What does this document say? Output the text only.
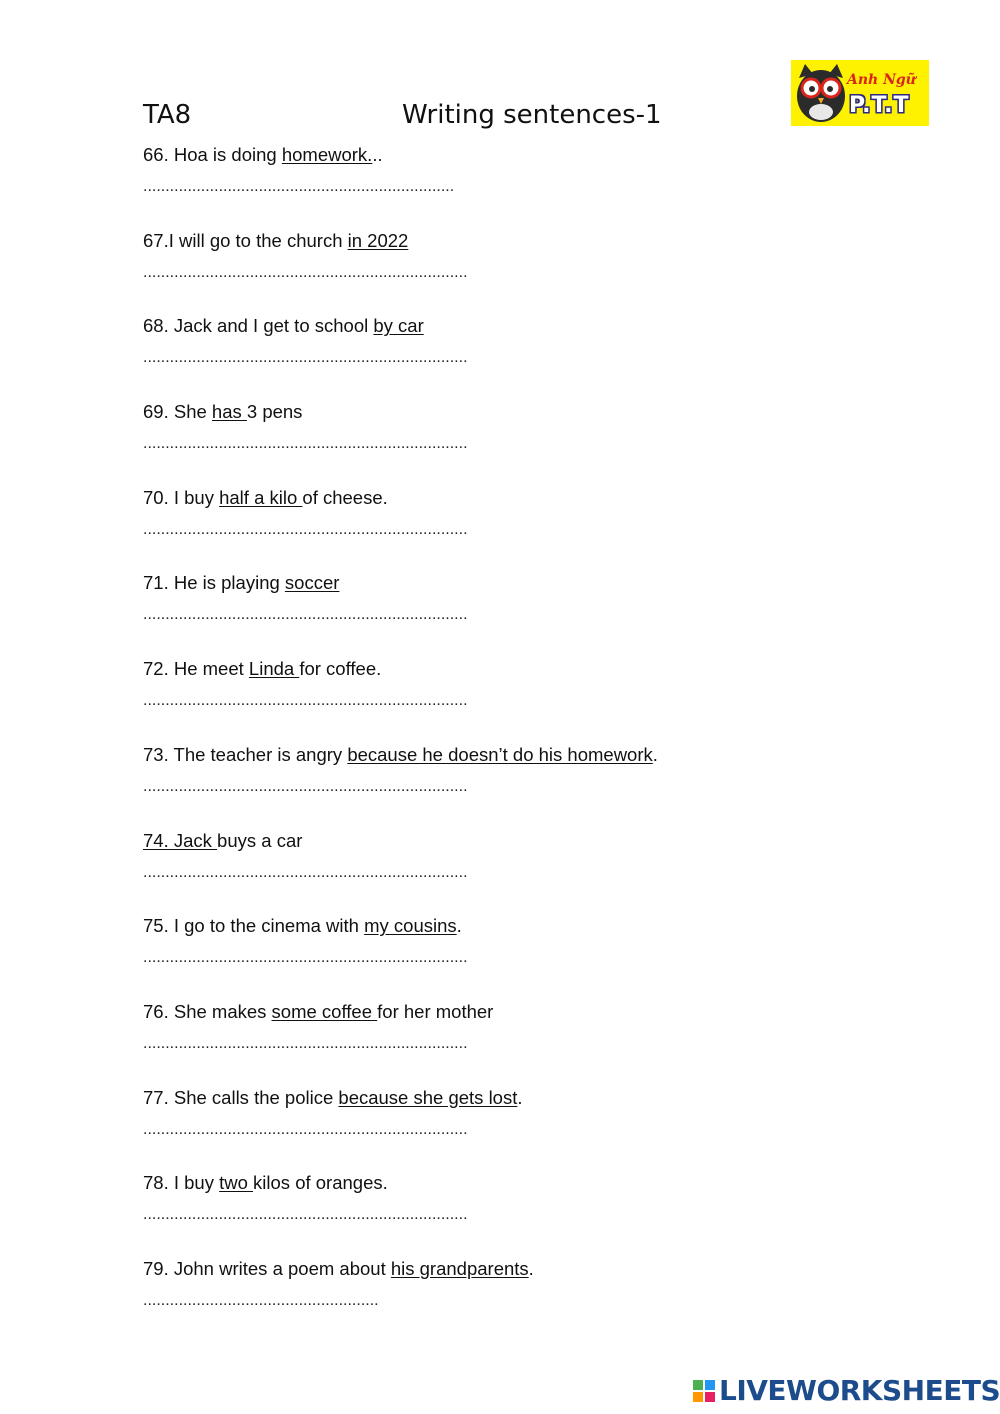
TA8	Writing sentences-1
Anh Ngữ
P.T.T
66. Hoa is doing homework...
......................................................................
67.I will go to the church in 2022
.........................................................................
68. Jack and I get to school by car
.........................................................................
69. She has 3 pens
.........................................................................
70. I buy half a kilo of cheese.
.........................................................................
71. He is playing soccer
.........................................................................
72. He meet Linda for coffee.
.........................................................................
73. The teacher is angry because he doesn’t do his homework.
.........................................................................
74. Jack buys a car
.........................................................................
75. I go to the cinema with my cousins.
.........................................................................
76. She makes some coffee for her mother
.........................................................................
77. She calls the police because she gets lost.
.........................................................................
78. I buy two kilos of oranges.
.........................................................................
79. John writes a poem about his grandparents.
.....................................................
LIVEWORKSHEETS
